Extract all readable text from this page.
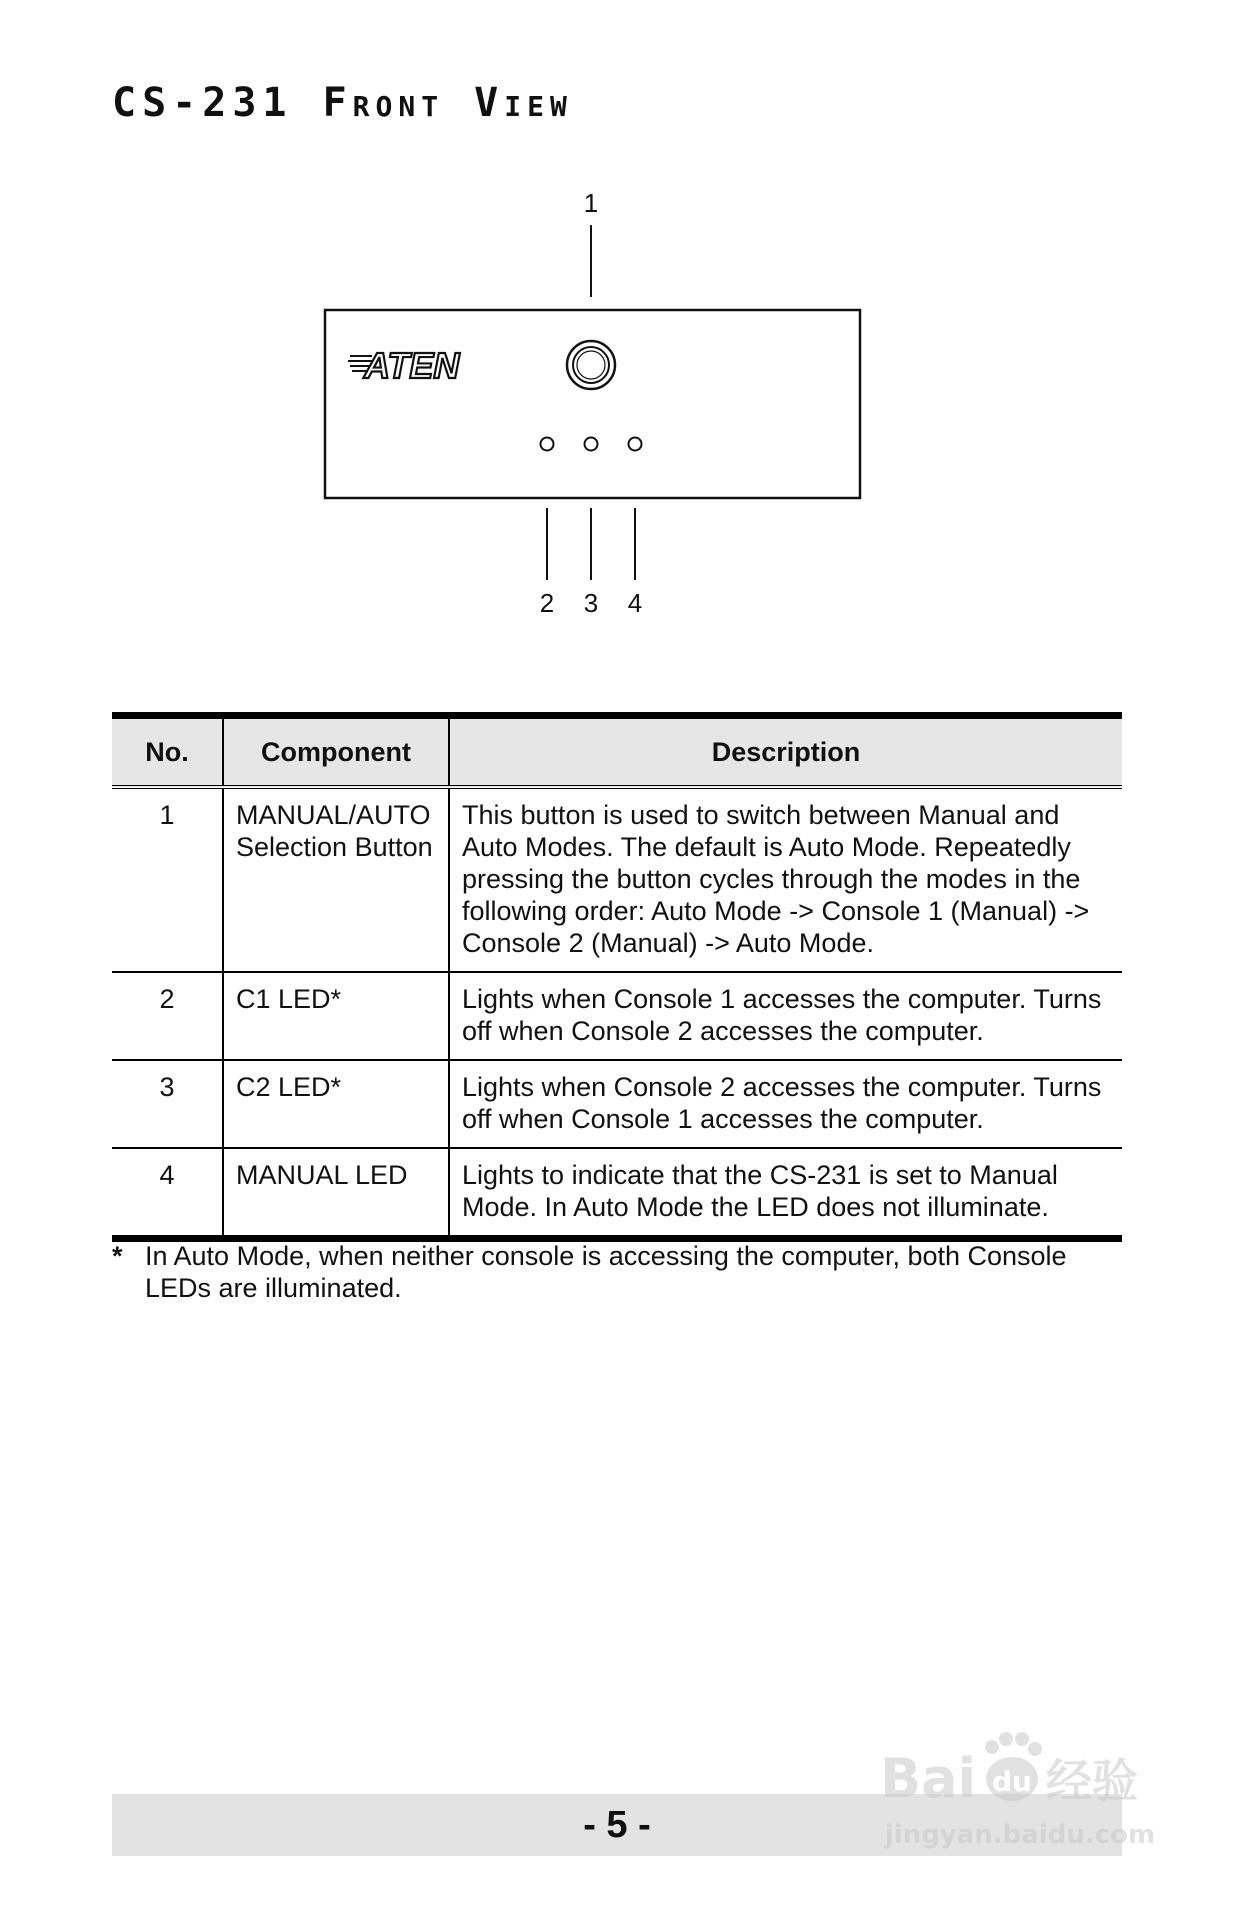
CS-231 Front View
1
ATEN
2 3 4
No.	Component	Description
1	MANUAL/AUTO Selection Button	This button is used to switch between Manual and Auto Modes. The default is Auto Mode. Repeatedly pressing the button cycles through the modes in the following order: Auto Mode -> Console 1 (Manual) -> Console 2 (Manual) -> Auto Mode.
2	C1 LED*	Lights when Console 1 accesses the computer. Turns off when Console 2 accesses the computer.
3	C2 LED*	Lights when Console 2 accesses the computer. Turns off when Console 1 accesses the computer.
4	MANUAL LED	Lights to indicate that the CS-231 is set to Manual Mode. In Auto Mode the LED does not illuminate.
* In Auto Mode, when neither console is accessing the computer, both Console LEDs are illuminated.
- 5 -
Bai du 经验
jingyan.baidu.com
